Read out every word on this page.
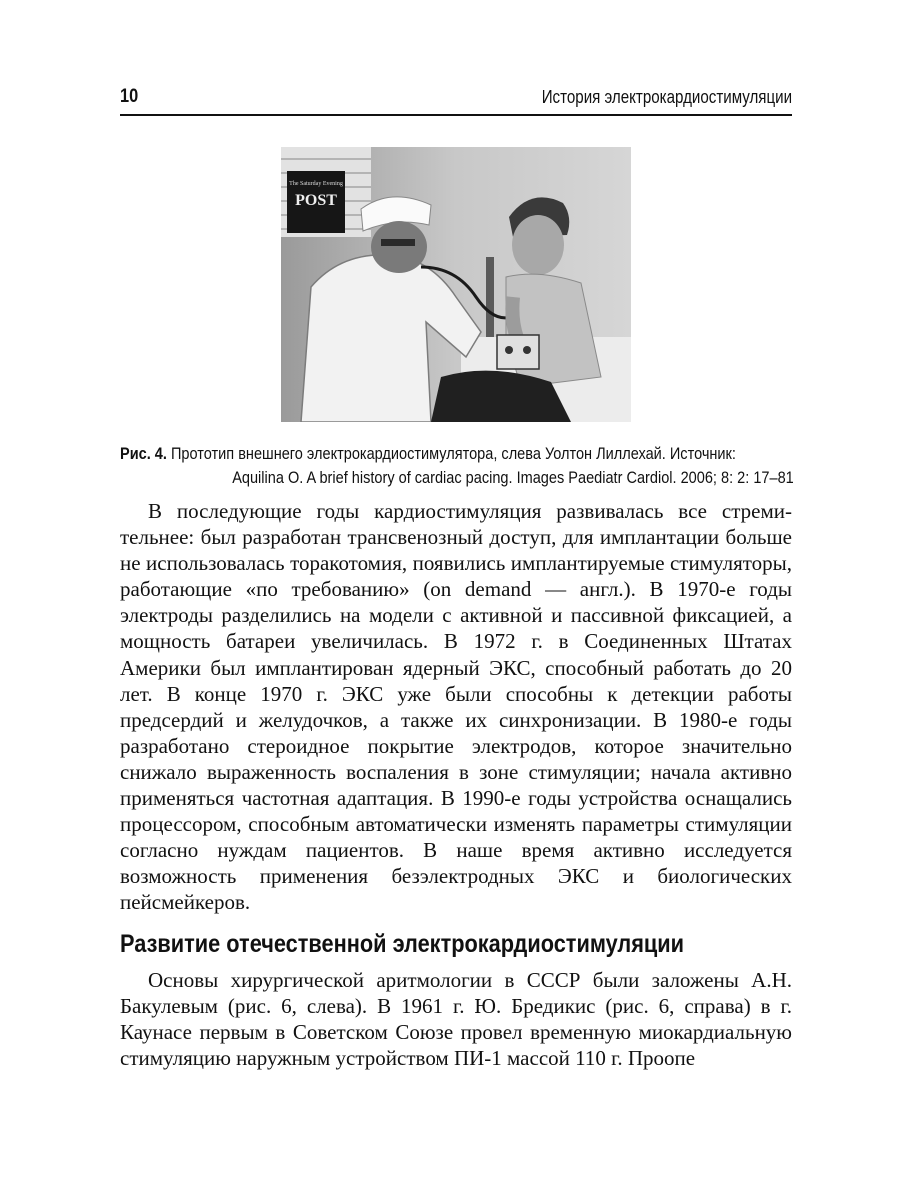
10	История электрокардиостимуляции
The Saturday Evening
POST
Рис. 4. Прототип внешнего электрокардиостимулятора, слева Уолтон Лиллехай. Источник:
Aquilina O. A brief history of cardiac pacing. Images Paediatr Cardiol. 2006; 8: 2: 17–81

В последующие годы кардиостимуляция развивалась все стремительнее: был разработан трансвенозный доступ, для имплантации больше не использовалась торакотомия, появились имплантируемые стимуляторы, работающие «по требованию» (on demand — англ.). В 1970-е годы электроды разделились на модели с активной и пассивной фиксацией, а мощность батареи увеличилась. В 1972 г. в Соединенных Штатах Америки был имплантирован ядерный ЭКС, способный работать до 20 лет. В конце 1970 г. ЭКС уже были способны к детекции работы предсердий и желудочков, а также их синхронизации. В 1980-е годы разработано стероидное покрытие электродов, которое значительно снижало выраженность воспаления в зоне стимуляции; начала активно применяться частотная адаптация. В 1990-е годы устройства оснащались процессором, способным автоматически изменять параметры стимуляции согласно нуждам пациентов. В наше время активно исследуется возможность применения безэлектродных ЭКС и биологических пейсмейкеров.

Развитие отечественной электрокардиостимуляции

Основы хирургической аритмологии в СССР были заложены А.Н. Бакулевым (рис. 6, слева). В 1961 г. Ю. Бредикис (рис. 6, справа) в г. Каунасе первым в Советском Союзе провел временную миокардиальную стимуляцию наружным устройством ПИ-1 массой 110 г. Проопе
